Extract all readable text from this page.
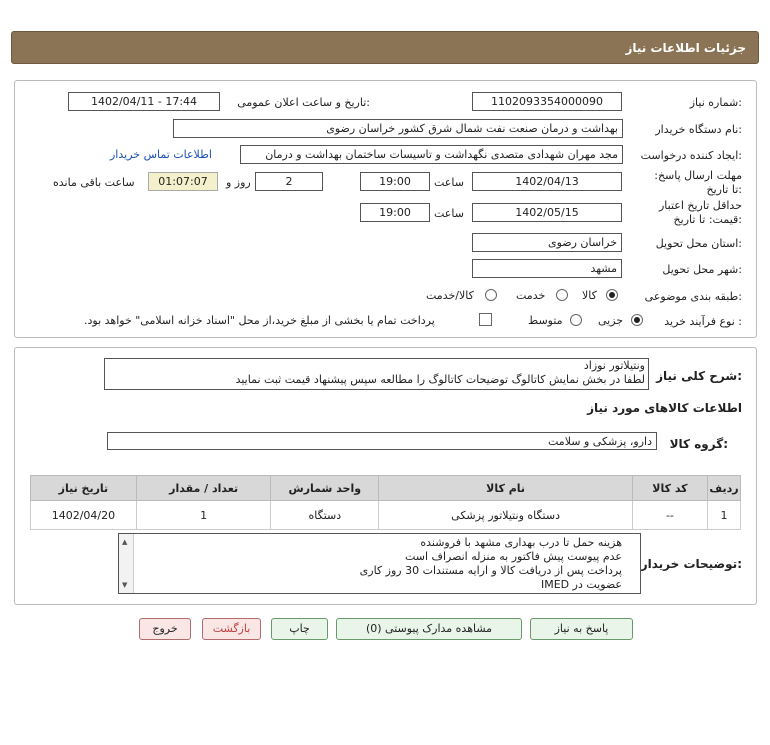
جزئیات اطلاعات نیاز
شماره نیاز:
1102093354000090
تاریخ و ساعت اعلان عمومی:
1402/04/11 - 17:44
نام دستگاه خریدار:
بهداشت و درمان صنعت نفت شمال شرق کشور خراسان رضوی
ایجاد کننده درخواست:
مجد مهران شهدادی متصدی نگهداشت و تاسیسات ساختمان بهداشت و درمان
اطلاعات تماس خریدار
مهلت ارسال پاسخ: تا تاریخ:
1402/04/13
ساعت
19:00
2
روز و
01:07:07
ساعت باقی مانده
حداقل تاریخ اعتبار قیمت: تا تاریخ:
1402/05/15
ساعت
19:00
استان محل تحویل:
خراسان رضوی
شهر محل تحویل:
مشهد
طبقه بندی موضوعی:
کالا
خدمت
کالا/خدمت
نوع فرآیند خرید :
جزیی
متوسط
پرداخت تمام یا بخشی از مبلغ خرید،از محل "اسناد خزانه اسلامی" خواهد بود.
شرح کلی نیاز:
ونتیلاتور نوزاد
لطفا در بخش نمایش کاتالوگ توضیحات کاتالوگ را مطالعه سپس پیشنهاد قیمت ثبت نمایید
اطلاعات کالاهای مورد نیاز
گروه کالا:
دارو، پزشکی و سلامت
ردیف	کد کالا	نام کالا	واحد شمارش	تعداد / مقدار	تاریخ نیاز
1	--	دستگاه ونتیلاتور پزشکی	دستگاه	1	1402/04/20
توضیحات خریدار:
▲ ▼
هزینه حمل تا درب بهداری مشهد با فروشنده
عدم پیوست پیش فاکتور به منزله انصراف است
پرداخت پس از دریافت کالا و ارایه مستندات 30 روز کاری
عضویت در IMED
پاسخ به نیاز
مشاهده مدارک پیوستی (0)
چاپ
بازگشت
خروج
